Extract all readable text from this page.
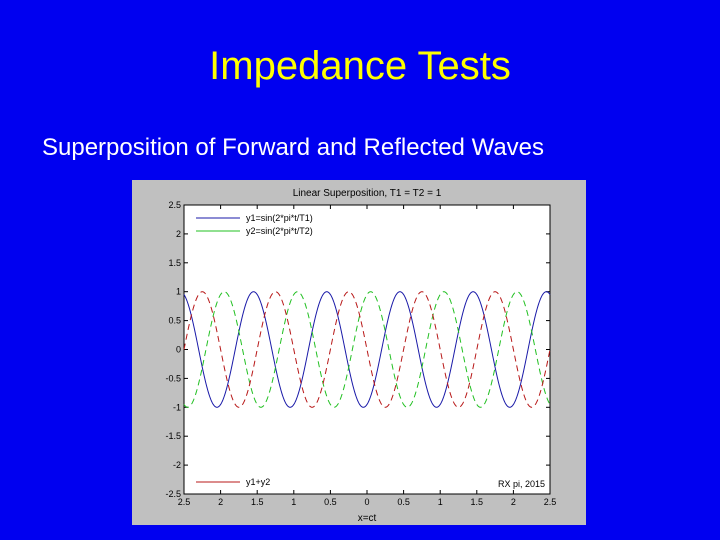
Impedance Tests
Superposition of Forward and Reflected Waves
Linear Superposition, T1 = T2 = 1
x=ct
2.5
2
1.5
1
0.5
0
-0.5
-1
-1.5
-2
-2.5
2.5	2	1.5	1	0.5	0	0.5	1	1.5	2	2.5
y1=sin(2*pi*t/T1)
y2=sin(2*pi*t/T2)
y1+y2	RX pi, 2015
